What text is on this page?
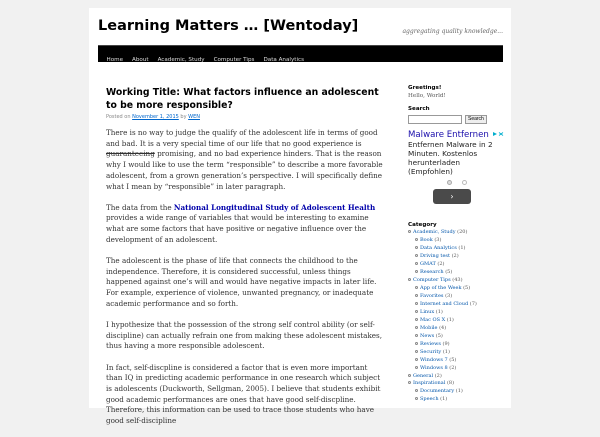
Learning Matters … [Wentoday]	aggregating quality knowledge...
Home About Academic, Study Computer Tips Data Analytics
Working Title: What factors influence an adolescent to be more responsible?
Posted on November 1, 2015 by WEN

There is no way to judge the qualify of the adolescent life in terms of good and bad. It is a very special time of our life that no good experience is guaranteeing promising, and no bad experience hinders. That is the reason why I would like to use the term “responsible” to describe a more favorable adolescent, from a grown generation’s perspective. I will specifically define what I mean by “responsible” in later paragraph.

The data from the National Longitudinal Study of Adolescent Health provides a wide range of variables that would be interesting to examine what are some factors that have positive or negative influence over the development of an adolescent.

The adolescent is the phase of life that connects the childhood to the independence. Therefore, it is considered successful, unless things happened against one’s will and would have negative impacts in later life. For example, experience of violence, unwanted pregnancy, or inadequate academic performance and so forth.

I hypothesize that the possession of the strong self control ability (or self-discipline) can actually refrain one from making these adolescent mistakes, thus having a more responsible adolescent.

In fact, self-discpline is considered a factor that is even more important than IQ in predicting academic performance in one research which subject is adolescents (Duckworth, Sellgman, 2005). I believe that students exhibit good academic performances are ones that have good self-discpline. Therefore, this information can be used to trace those students who have good self-discipline

Greetings!
Hello, World!
Search
Search
Malware Entfernen
Entfernen Malware in 2 Minuten. Kostenlos herunterladen (Empfohlen)
›
Category
Academic, Study (20)
Book (3)
Data Analytics (1)
Driving test (2)
GMAT (2)
Research (5)
Computer Tips (43)
App of the Week (5)
Favorites (3)
Internet and Cloud (7)
Linux (1)
Mac OS X (1)
Mobile (4)
News (5)
Reviews (9)
Security (1)
Windows 7 (5)
Windows 8 (2)
General (2)
Inspirational (8)
Documentary (1)
Speech (1)
